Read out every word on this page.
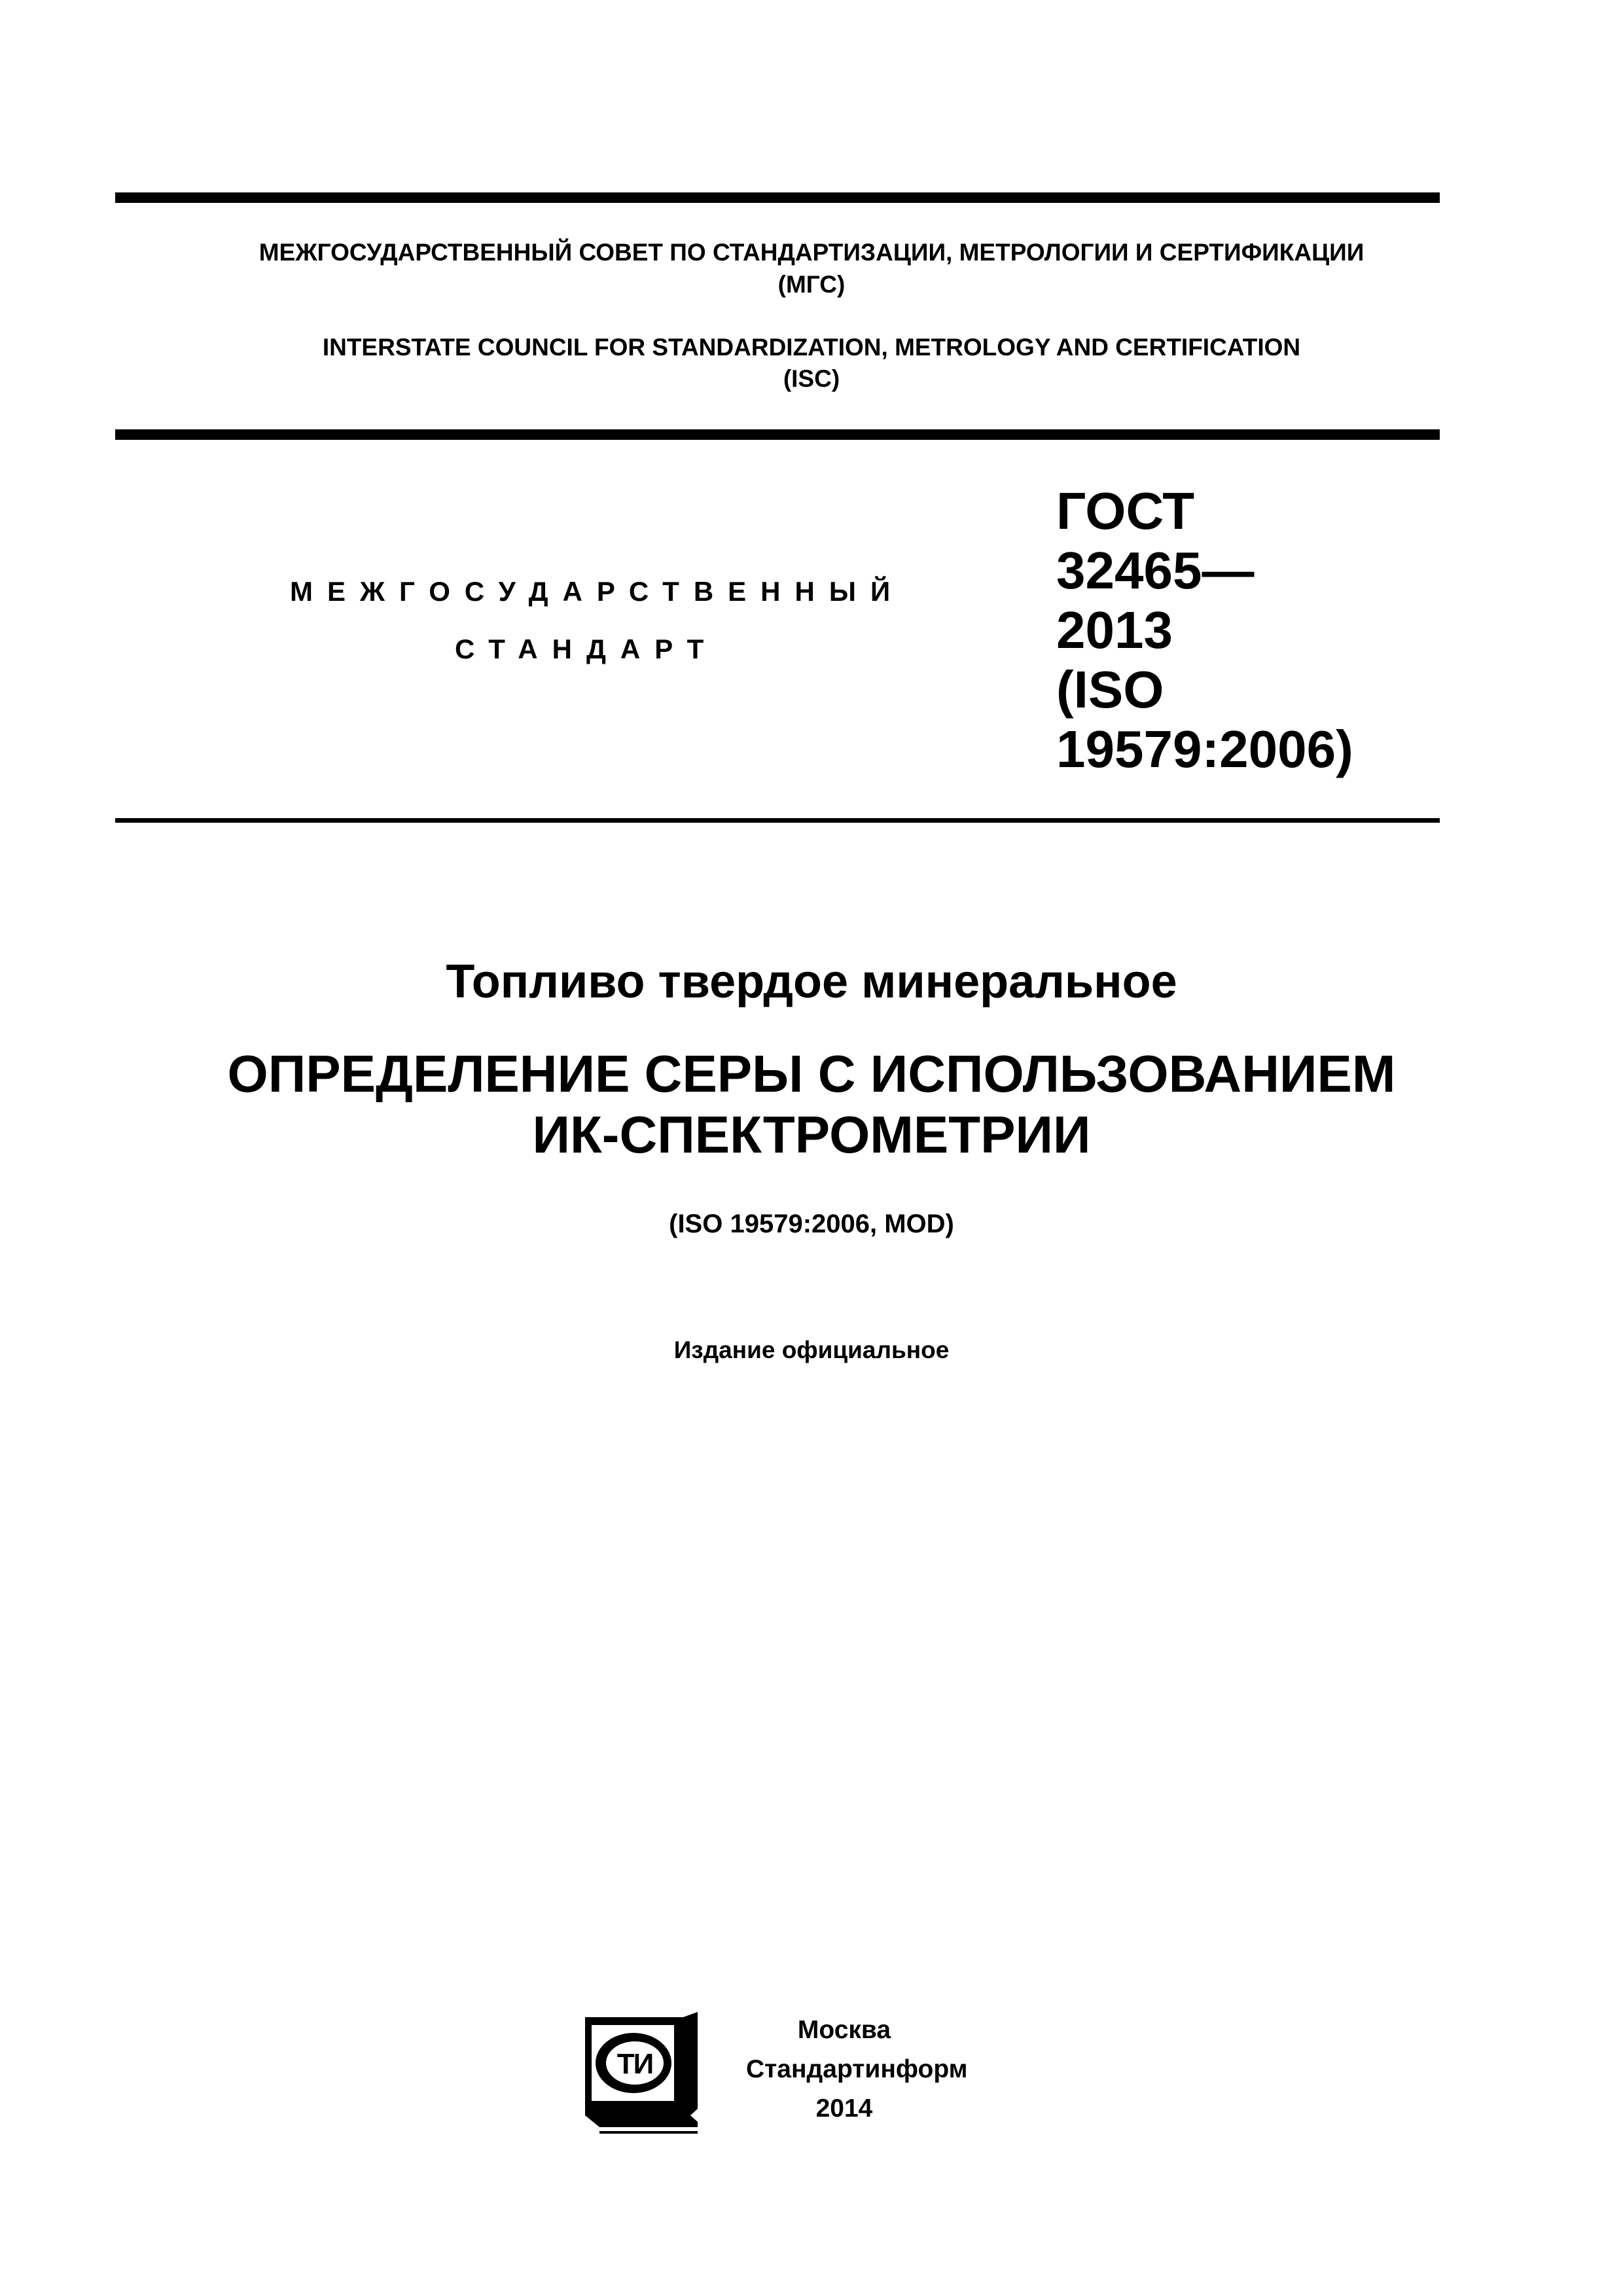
МЕЖГОСУДАРСТВЕННЫЙ СОВЕТ ПО СТАНДАРТИЗАЦИИ, МЕТРОЛОГИИ И СЕРТИФИКАЦИИ
(МГС)
INTERSTATE COUNCIL FOR STANDARDIZATION, METROLOGY AND CERTIFICATION
(ISC)
МЕЖГОСУДАРСТВЕННЫЙ
СТАНДАРТ
ГОСТ
32465—
2013
(ISO
19579:2006)
Топливо твердое минеральное
ОПРЕДЕЛЕНИЕ СЕРЫ С ИСПОЛЬЗОВАНИЕМ
ИК-СПЕКТРОМЕТРИИ
(ISO 19579:2006, MOD)
Издание официальное
ТИ
Москва
Стандартинформ
2014
